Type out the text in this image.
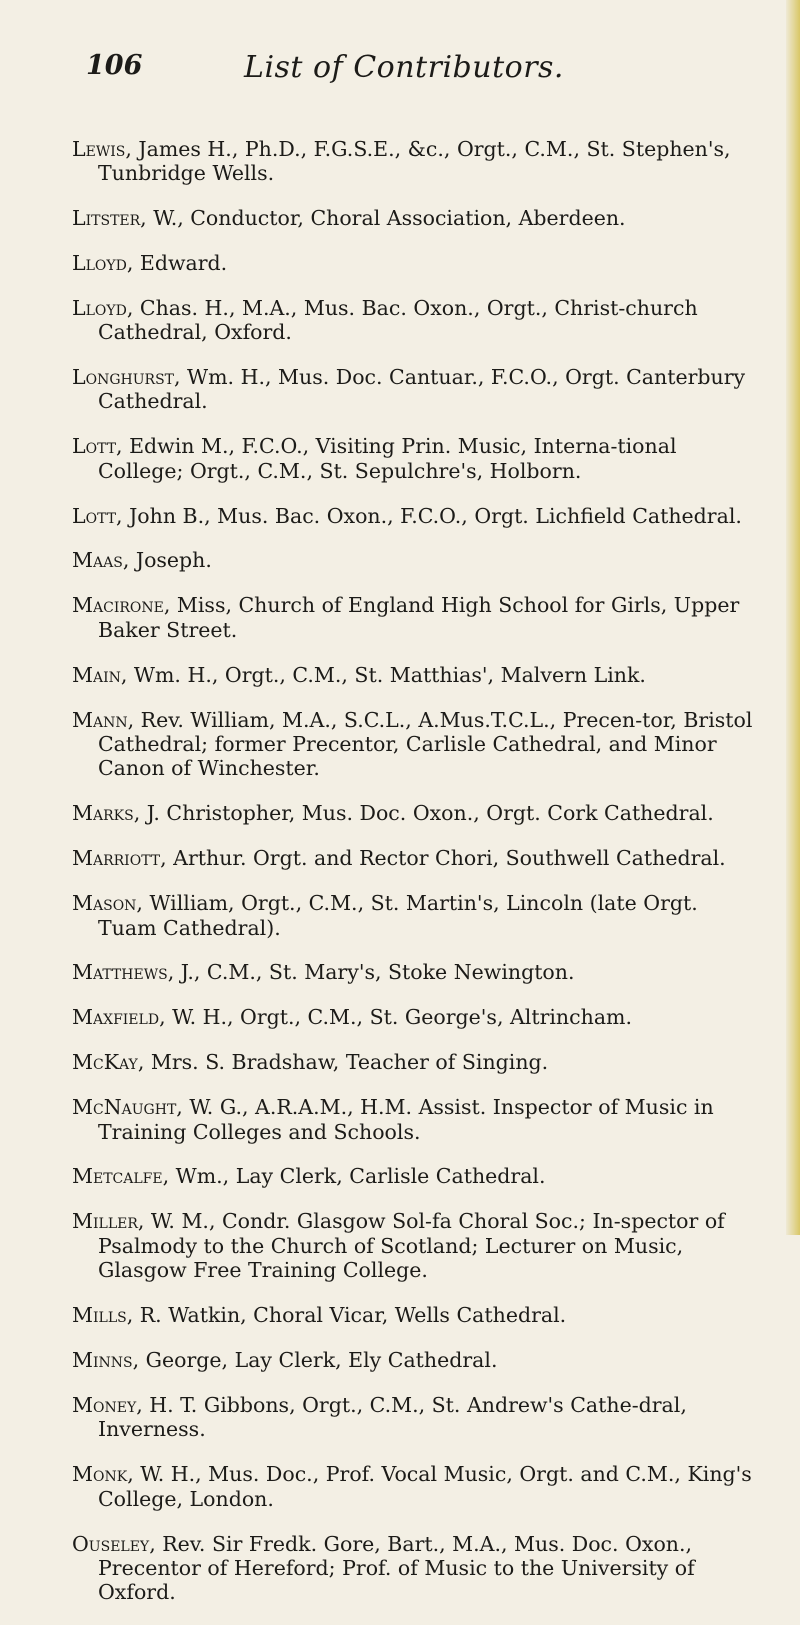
106	List of Contributors.

Lewis, James H., Ph.D., F.G.S.E., &c., Orgt., C.M., St. Stephen's, Tunbridge Wells.

Litster, W., Conductor, Choral Association, Aberdeen.

Lloyd, Edward.

Lloyd, Chas. H., M.A., Mus. Bac. Oxon., Orgt., Christ-church Cathedral, Oxford.

Longhurst, Wm. H., Mus. Doc. Cantuar., F.C.O., Orgt. Canterbury Cathedral.

Lott, Edwin M., F.C.O., Visiting Prin. Music, Interna-tional College; Orgt., C.M., St. Sepulchre's, Holborn.

Lott, John B., Mus. Bac. Oxon., F.C.O., Orgt. Lichfield Cathedral.

Maas, Joseph.

Macirone, Miss, Church of England High School for Girls, Upper Baker Street.

Main, Wm. H., Orgt., C.M., St. Matthias', Malvern Link.

Mann, Rev. William, M.A., S.C.L., A.Mus.T.C.L., Precen-tor, Bristol Cathedral; former Precentor, Carlisle Cathedral, and Minor Canon of Winchester.

Marks, J. Christopher, Mus. Doc. Oxon., Orgt. Cork Cathedral.

Marriott, Arthur. Orgt. and Rector Chori, Southwell Cathedral.

Mason, William, Orgt., C.M., St. Martin's, Lincoln (late Orgt. Tuam Cathedral).

Matthews, J., C.M., St. Mary's, Stoke Newington.

Maxfield, W. H., Orgt., C.M., St. George's, Altrincham.

McKay, Mrs. S. Bradshaw, Teacher of Singing.

McNaught, W. G., A.R.A.M., H.M. Assist. Inspector of Music in Training Colleges and Schools.

Metcalfe, Wm., Lay Clerk, Carlisle Cathedral.

Miller, W. M., Condr. Glasgow Sol-fa Choral Soc.; In-spector of Psalmody to the Church of Scotland; Lecturer on Music, Glasgow Free Training College.

Mills, R. Watkin, Choral Vicar, Wells Cathedral.

Minns, George, Lay Clerk, Ely Cathedral.

Money, H. T. Gibbons, Orgt., C.M., St. Andrew's Cathe-dral, Inverness.

Monk, W. H., Mus. Doc., Prof. Vocal Music, Orgt. and C.M., King's College, London.

Ouseley, Rev. Sir Fredk. Gore, Bart., M.A., Mus. Doc. Oxon., Precentor of Hereford; Prof. of Music to the University of Oxford.
